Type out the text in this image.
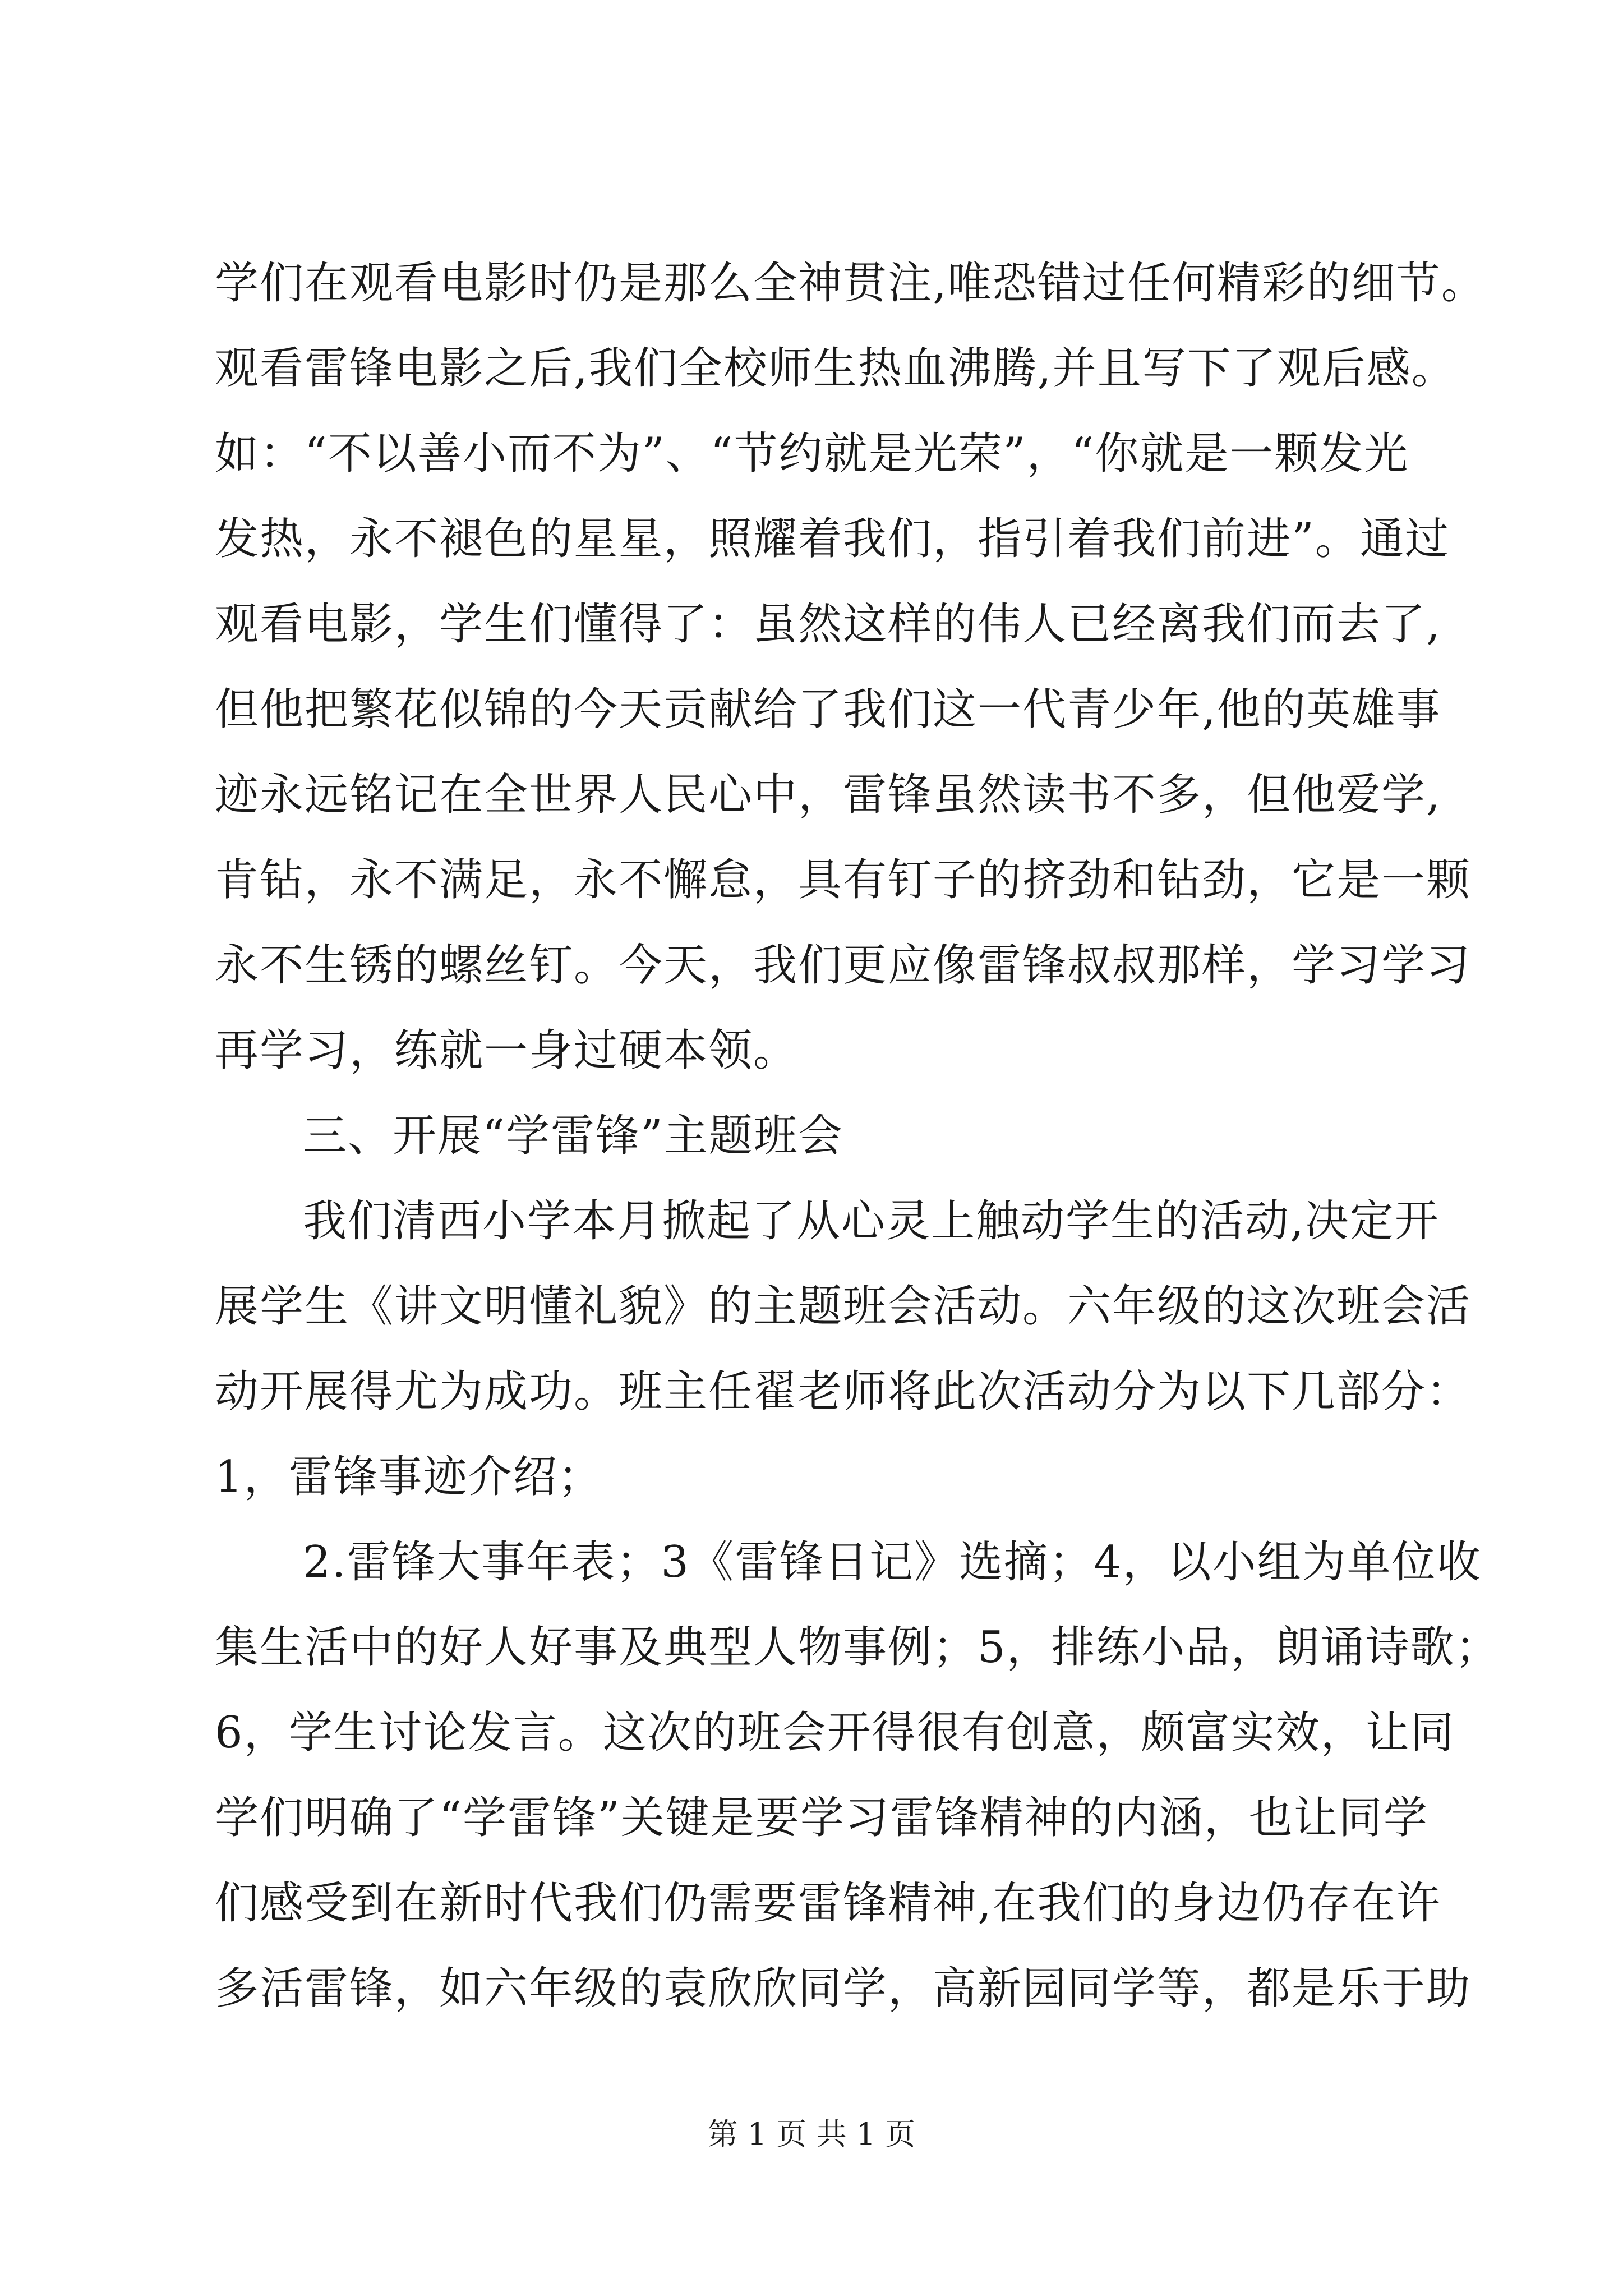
学们在观看电影时仍是那么全神贯注,唯恐错过任何精彩的细节。
观看雷锋电影之后,我们全校师生热血沸腾,并且写下了观后感。
如：“不以善小而不为”、“节约就是光荣”，“你就是一颗发光
发热，永不褪色的星星，照耀着我们，指引着我们前进”。通过
观看电影，学生们懂得了：虽然这样的伟人已经离我们而去了,
但他把繁花似锦的今天贡献给了我们这一代青少年,他的英雄事
迹永远铭记在全世界人民心中，雷锋虽然读书不多，但他爱学,
肯钻，永不满足，永不懈怠，具有钉子的挤劲和钻劲，它是一颗
永不生锈的螺丝钉。今天，我们更应像雷锋叔叔那样，学习学习
再学习，练就一身过硬本领。
三、开展“学雷锋”主题班会
我们清西小学本月掀起了从心灵上触动学生的活动,决定开
展学生《讲文明懂礼貌》的主题班会活动。六年级的这次班会活
动开展得尤为成功。班主任翟老师将此次活动分为以下几部分：
1，雷锋事迹介绍；
2.雷锋大事年表；3《雷锋日记》选摘；4，以小组为单位收
集生活中的好人好事及典型人物事例；5，排练小品，朗诵诗歌；
6，学生讨论发言。这次的班会开得很有创意，颇富实效，让同
学们明确了“学雷锋”关键是要学习雷锋精神的内涵，也让同学
们感受到在新时代我们仍需要雷锋精神,在我们的身边仍存在许
多活雷锋，如六年级的袁欣欣同学，高新园同学等，都是乐于助
第 1 页 共 1 页
